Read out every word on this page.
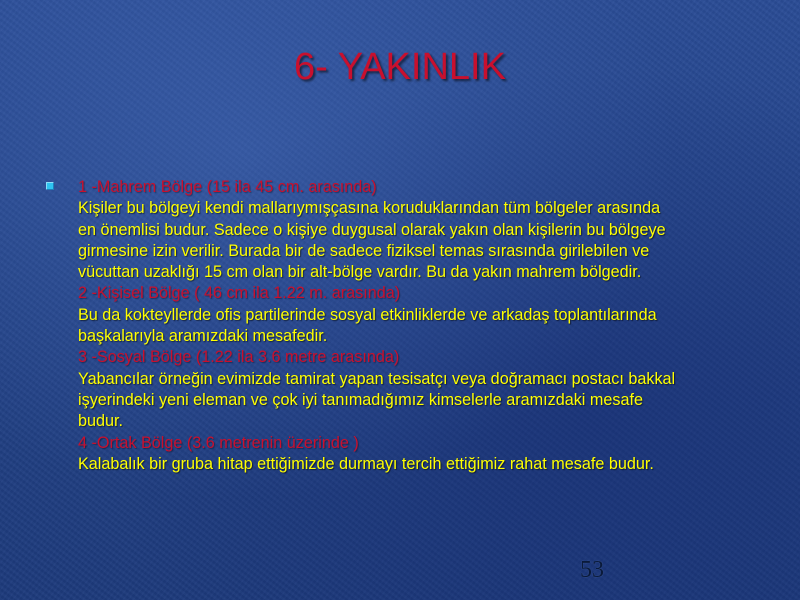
6- YAKINLIK
1 -Mahrem Bölge (15 ila 45 cm. arasında)
Kişiler bu bölgeyi kendi mallarıymışçasına koruduklarından tüm bölgeler arasında
en önemlisi budur. Sadece o kişiye duygusal olarak yakın olan kişilerin bu bölgeye
girmesine izin verilir. Burada bir de sadece fiziksel temas sırasında girilebilen ve
vücuttan uzaklığı 15 cm olan bir alt-bölge vardır. Bu da yakın mahrem bölgedir.
2 -Kişisel Bölge ( 46 cm ila 1.22 m. arasında)
Bu da kokteyllerde ofis partilerinde sosyal etkinliklerde ve arkadaş toplantılarında
başkalarıyla aramızdaki mesafedir.
3 -Sosyal Bölge (1.22 ila 3.6 metre arasında)
Yabancılar örneğin evimizde tamirat yapan tesisatçı veya doğramacı postacı bakkal
işyerindeki yeni eleman ve çok iyi tanımadığımız kimselerle aramızdaki mesafe
budur.
4 -Ortak Bölge (3.6 metrenin üzerinde )
Kalabalık bir gruba hitap ettiğimizde durmayı tercih ettiğimiz rahat mesafe budur.
53
